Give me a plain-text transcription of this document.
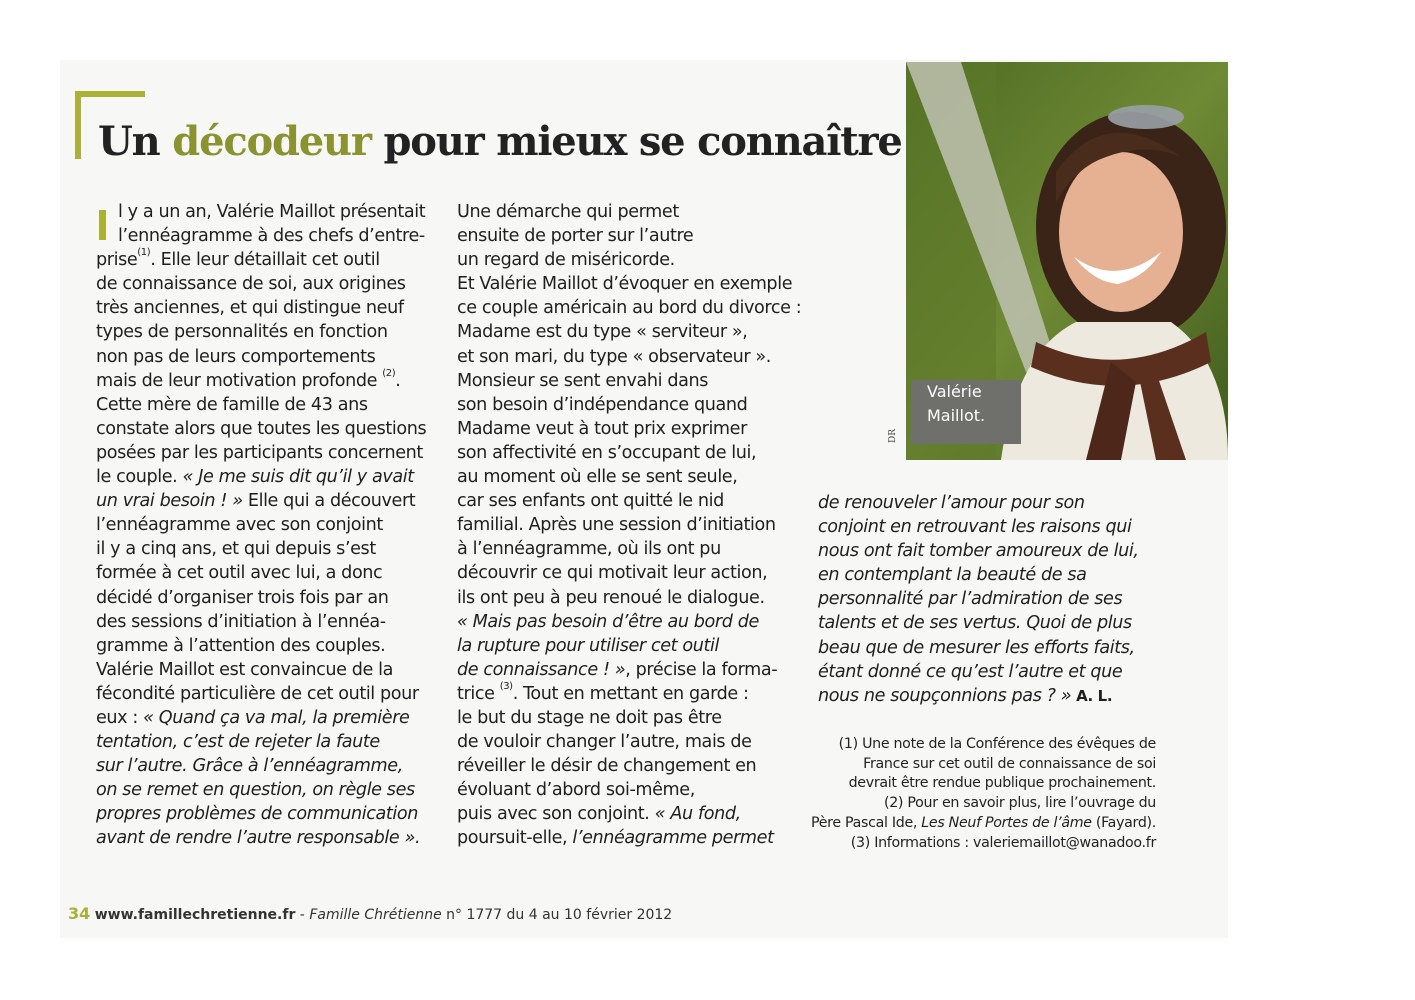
Un décodeur pour mieux se connaître
l y a un an, Valérie Maillot présentait
l’ennéagramme à des chefs d’entre-
prise$^{(1)}$. Elle leur détaillait cet outil
de connaissance de soi, aux origines
très anciennes, et qui distingue neuf
types de personnalités en fonction
non pas de leurs comportements
mais de leur motivation profonde $^{(2)}$.
Cette mère de famille de 43 ans
constate alors que toutes les questions
posées par les participants concernent
le couple. « Je me suis dit qu’il y avait
un vrai besoin ! » Elle qui a découvert
l’ennéagramme avec son conjoint
il y a cinq ans, et qui depuis s’est
formée à cet outil avec lui, a donc
décidé d’organiser trois fois par an
des sessions d’initiation à l’ennéa-
gramme à l’attention des couples.
Valérie Maillot est convaincue de la
fécondité particulière de cet outil pour
eux : « Quand ça va mal, la première
tentation, c’est de rejeter la faute
sur l’autre. Grâce à l’ennéagramme,
on se remet en question, on règle ses
propres problèmes de communication
avant de rendre l’autre responsable ».
Une démarche qui permet
ensuite de porter sur l’autre
un regard de miséricorde.
Et Valérie Maillot d’évoquer en exemple
ce couple américain au bord du divorce :
Madame est du type « serviteur »,
et son mari, du type « observateur ».
Monsieur se sent envahi dans
son besoin d’indépendance quand
Madame veut à tout prix exprimer
son affectivité en s’occupant de lui,
au moment où elle se sent seule,
car ses enfants ont quitté le nid
familial. Après une session d’initiation
à l’ennéagramme, où ils ont pu
découvrir ce qui motivait leur action,
ils ont peu à peu renoué le dialogue.
« Mais pas besoin d’être au bord de
la rupture pour utiliser cet outil
de connaissance ! », précise la forma-
trice $^{(3)}$. Tout en mettant en garde :
le but du stage ne doit pas être
de vouloir changer l’autre, mais de
réveiller le désir de changement en
évoluant d’abord soi-même,
puis avec son conjoint. « Au fond,
poursuit-elle, l’ennéagramme permet
de renouveler l’amour pour son
conjoint en retrouvant les raisons qui
nous ont fait tomber amoureux de lui,
en contemplant la beauté de sa
personnalité par l’admiration de ses
talents et de ses vertus. Quoi de plus
beau que de mesurer les efforts faits,
étant donné ce qu’est l’autre et que
nous ne soupçonnions pas ? » A. L.
Valérie
Maillot.
DR
(1) Une note de la Conférence des évêques de
France sur cet outil de connaissance de soi
devrait être rendue publique prochainement.
(2) Pour en savoir plus, lire l’ouvrage du
Père Pascal Ide, Les Neuf Portes de l’âme (Fayard).
(3) Informations : valeriemaillot@wanadoo.fr
34 www.famillechretienne.fr - Famille Chrétienne n° 1777 du 4 au 10 février 2012
